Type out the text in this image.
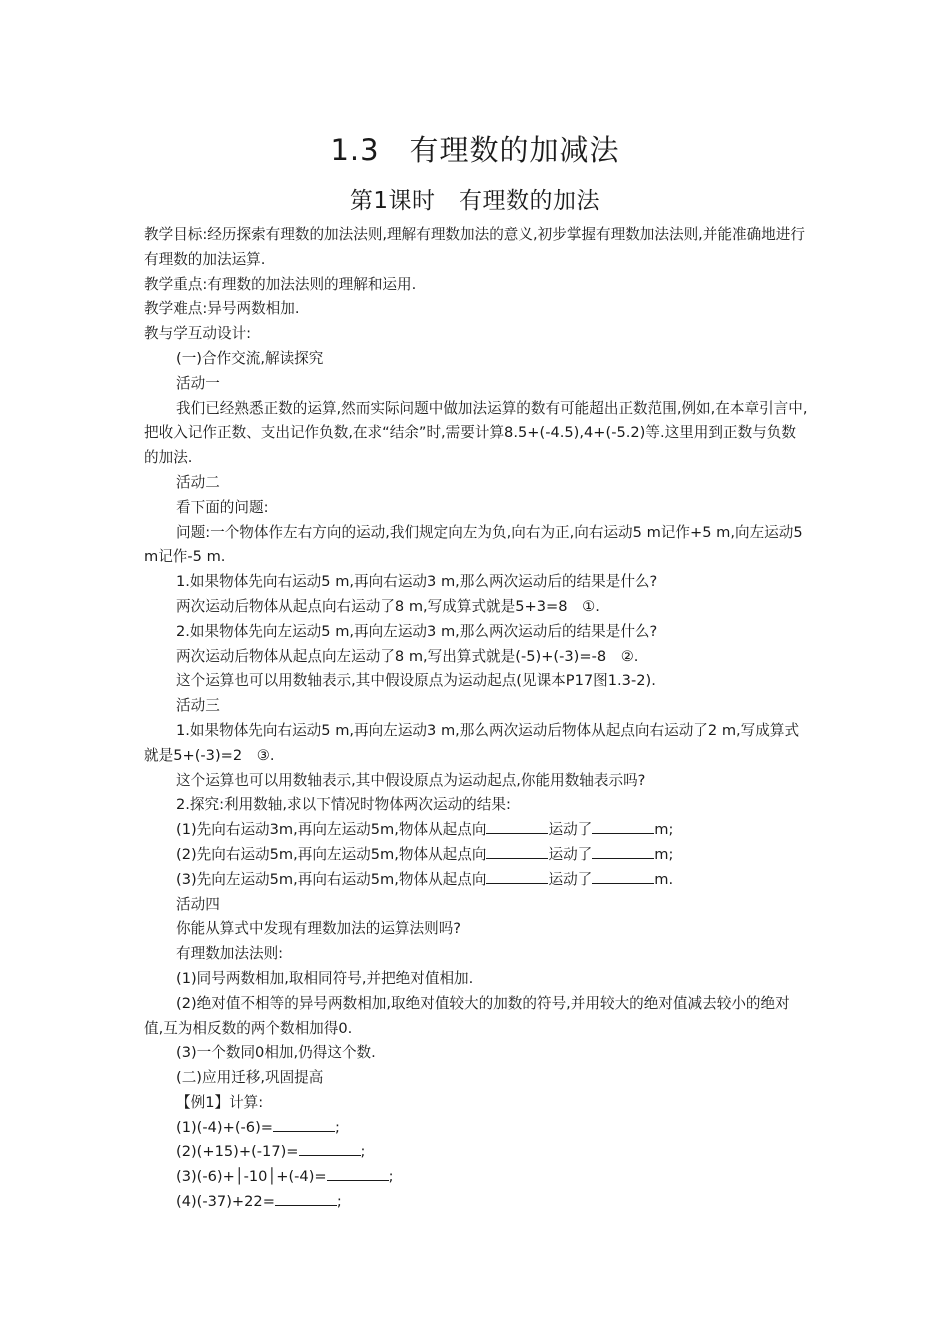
1.3　有理数的加减法
第1课时　有理数的加法

教学目标:经历探索有理数的加法法则,理解有理数加法的意义,初步掌握有理数加法法则,并能准确地进行有理数的加法运算.

教学重点:有理数的加法法则的理解和运用.

教学难点:异号两数相加.

教与学互动设计:

(一)合作交流,解读探究

活动一

我们已经熟悉正数的运算,然而实际问题中做加法运算的数有可能超出正数范围,例如,在本章引言中,把收入记作正数、支出记作负数,在求“结余”时,需要计算8.5+(-4.5),4+(-5.2)等.这里用到正数与负数的加法.

活动二

看下面的问题:

问题:一个物体作左右方向的运动,我们规定向左为负,向右为正,向右运动5 m记作+5 m,向左运动5 m记作-5 m.

1.如果物体先向右运动5 m,再向右运动3 m,那么两次运动后的结果是什么?

两次运动后物体从起点向右运动了8 m,写成算式就是5+3=8　①.

2.如果物体先向左运动5 m,再向左运动3 m,那么两次运动后的结果是什么?

两次运动后物体从起点向左运动了8 m,写出算式就是(-5)+(-3)=-8　②.

这个运算也可以用数轴表示,其中假设原点为运动起点(见课本P17图1.3-2).

活动三

1.如果物体先向右运动5 m,再向左运动3 m,那么两次运动后物体从起点向右运动了2 m,写成算式就是5+(-3)=2　③.

这个运算也可以用数轴表示,其中假设原点为运动起点,你能用数轴表示吗?

2.探究:利用数轴,求以下情况时物体两次运动的结果:

(1)先向右运动3m,再向左运动5m,物体从起点向	运动了	m;

(2)先向右运动5m,再向左运动5m,物体从起点向	运动了	m;

(3)先向左运动5m,再向右运动5m,物体从起点向	运动了	m.

活动四

你能从算式中发现有理数加法的运算法则吗?

有理数加法法则:

(1)同号两数相加,取相同符号,并把绝对值相加.

(2)绝对值不相等的异号两数相加,取绝对值较大的加数的符号,并用较大的绝对值减去较小的绝对值,互为相反数的两个数相加得0.

(3)一个数同0相加,仍得这个数.

(二)应用迁移,巩固提高

【例1】计算:

(1)(-4)+(-6)=	;

(2)(+15)+(-17)=	;

(3)(-6)+│-10│+(-4)=	;

(4)(-37)+22=	;
